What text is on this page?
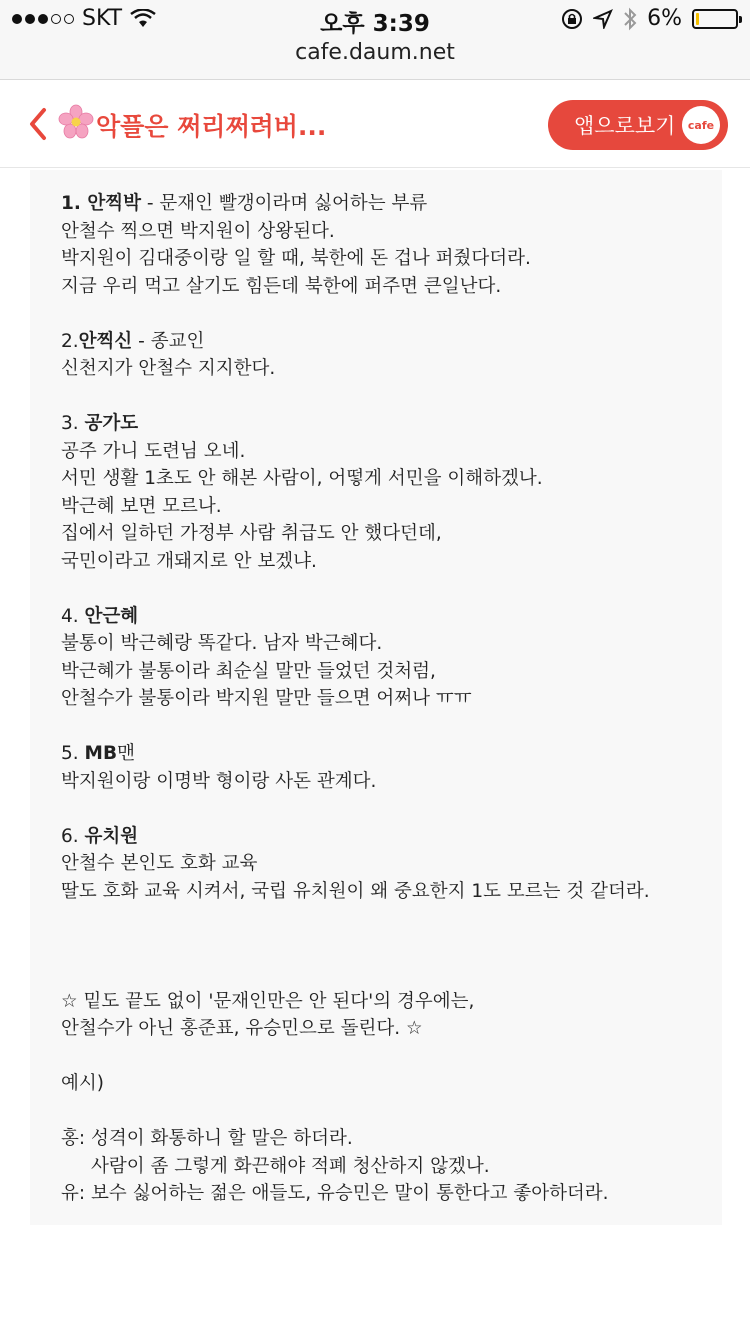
SKT	오후 3:39	6%
cafe.daum.net
악플은 쩌리쩌려버...	앱으로보기	cafe
1. 안찍박 - 문재인 빨갱이라며 싫어하는 부류
안철수 찍으면 박지원이 상왕된다.
박지원이 김대중이랑 일 할 때, 북한에 돈 겁나 퍼줬다더라.
지금 우리 먹고 살기도 힘든데 북한에 퍼주면 큰일난다.
2.안찍신 - 종교인
신천지가 안철수 지지한다.
3. 공가도
공주 가니 도련님 오네.
서민 생활 1초도 안 해본 사람이, 어떻게 서민을 이해하겠나.
박근혜 보면 모르나.
집에서 일하던 가정부 사람 취급도 안 했다던데,
국민이라고 개돼지로 안 보겠냐.
4. 안근혜
불통이 박근혜랑 똑같다. 남자 박근혜다.
박근혜가 불통이라 최순실 말만 들었던 것처럼,
안철수가 불통이라 박지원 말만 들으면 어쩌나 ㅠㅠ
5. MB맨
박지원이랑 이명박 형이랑 사돈 관계다.
6. 유치원
안철수 본인도 호화 교육
딸도 호화 교육 시켜서, 국립 유치원이 왜 중요한지 1도 모르는 것 같더라.
☆ 밑도 끝도 없이 '문재인만은 안 된다'의 경우에는,
안철수가 아닌 홍준표, 유승민으로 돌린다. ☆
예시)
홍: 성격이 화통하니 할 말은 하더라.
사람이 좀 그렇게 화끈해야 적폐 청산하지 않겠나.
유: 보수 싫어하는 젊은 애들도, 유승민은 말이 통한다고 좋아하더라.
